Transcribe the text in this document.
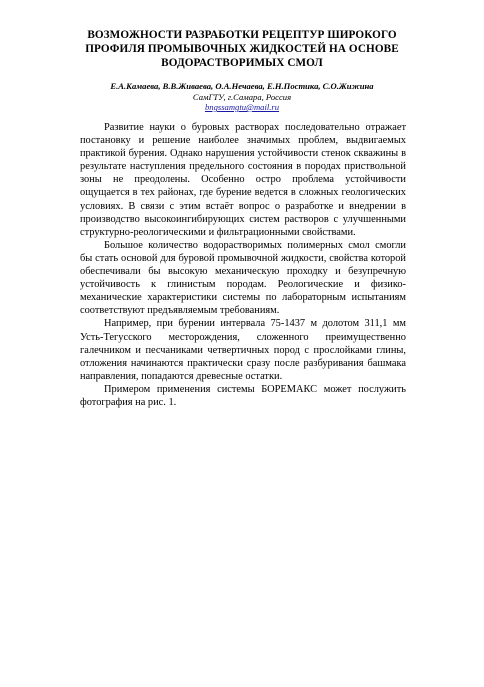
ВОЗМОЖНОСТИ РАЗРАБОТКИ РЕЦЕПТУР ШИРОКОГО
ПРОФИЛЯ ПРОМЫВОЧНЫХ ЖИДКОСТЕЙ НА ОСНОВЕ
ВОДОРАСТВОРИМЫХ СМОЛ
Е.А.Камаева, В.В.Живаева, О.А.Нечаева, Е.Н.Постика, С.О.Жижина
СамГТУ, г.Самара, Россия
bngssamgtu@mail.ru

Развитие науки о буровых растворах последовательно отражает постановку и решение наиболее значимых проблем, выдвигаемых практикой бурения. Однако нарушения устойчивости стенок скважины в результате наступления предельного состояния в породах приствольной зоны не преодолены. Особенно остро проблема устойчивости ощущается в тех районах, где бурение ведется в сложных геологических условиях. В связи с этим встаёт вопрос о разработке и внедрении в производство высокоингибирующих систем растворов с улучшенными структурно-реологическими и фильтрационными свойствами.

Большое количество водорастворимых полимерных смол смогли бы стать основой для буровой промывочной жидкости, свойства которой обеспечивали бы высокую механическую проходку и безупречную устойчивость к глинистым породам. Реологические и физико-механические характеристики системы по лабораторным испытаниям соответствуют предъявляемым требованиям.

Например, при бурении интервала 75-1437 м долотом 311,1 мм Усть-Тегусского месторождения, сложенного преимущественно галечником и песчаниками четвертичных пород с прослойками глины, отложения начинаются практически сразу после разбуривания башмака направления, попадаются древесные остатки.

Примером применения системы БОРЕМАКС может послужить фотография на рис. 1.
